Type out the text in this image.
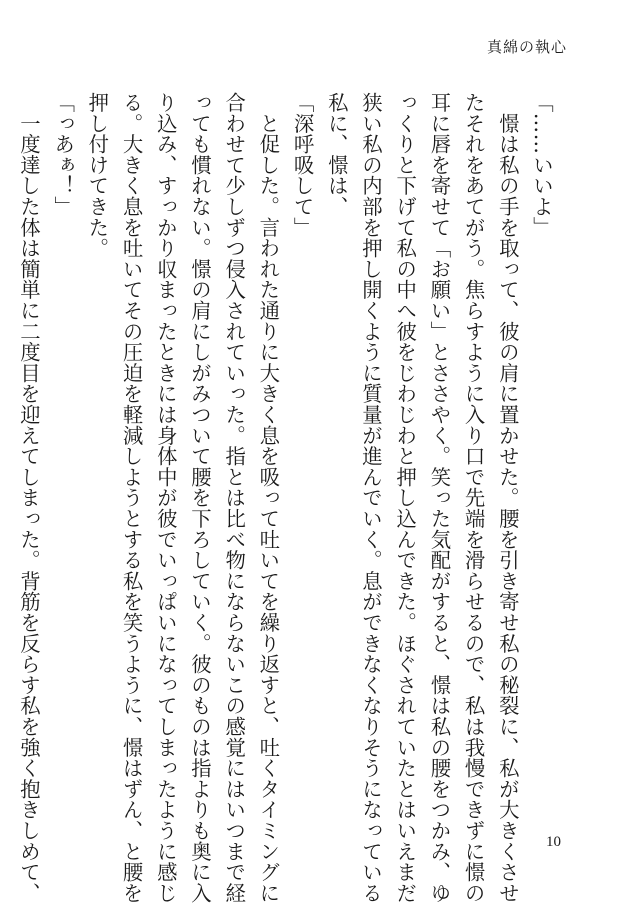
真綿の執心
「……いいよ」
　憬は私の手を取って、彼の肩に置かせた。腰を引き寄せ私の秘裂に、私が大きくさせ
たそれをあてがう。焦らすように入り口で先端を滑らせるので、私は我慢できずに憬の
耳に唇を寄せて「お願い」とささやく。笑った気配がすると、憬は私の腰をつかみ、ゆ
っくりと下げて私の中へ彼をじわじわと押し込んできた。ほぐされていたとはいえまだ
狭い私の内部を押し開くように質量が進んでいく。息ができなくなりそうになっている
私に、憬は、
「深呼吸して」
　と促した。言われた通りに大きく息を吸って吐いてを繰り返すと、吐くタイミングに
合わせて少しずつ侵入されていった。指とは比べ物にならないこの感覚にはいつまで経
っても慣れない。憬の肩にしがみついて腰を下ろしていく。彼のものは指よりも奥に入
り込み、すっかり収まったときには身体中が彼でいっぱいになってしまったように感じ
る。大きく息を吐いてその圧迫を軽減しようとする私を笑うように、憬はずん、と腰を
押し付けてきた。
「っあぁ！」
　一度達した体は簡単に二度目を迎えてしまった。背筋を反らす私を強く抱きしめて、	10
